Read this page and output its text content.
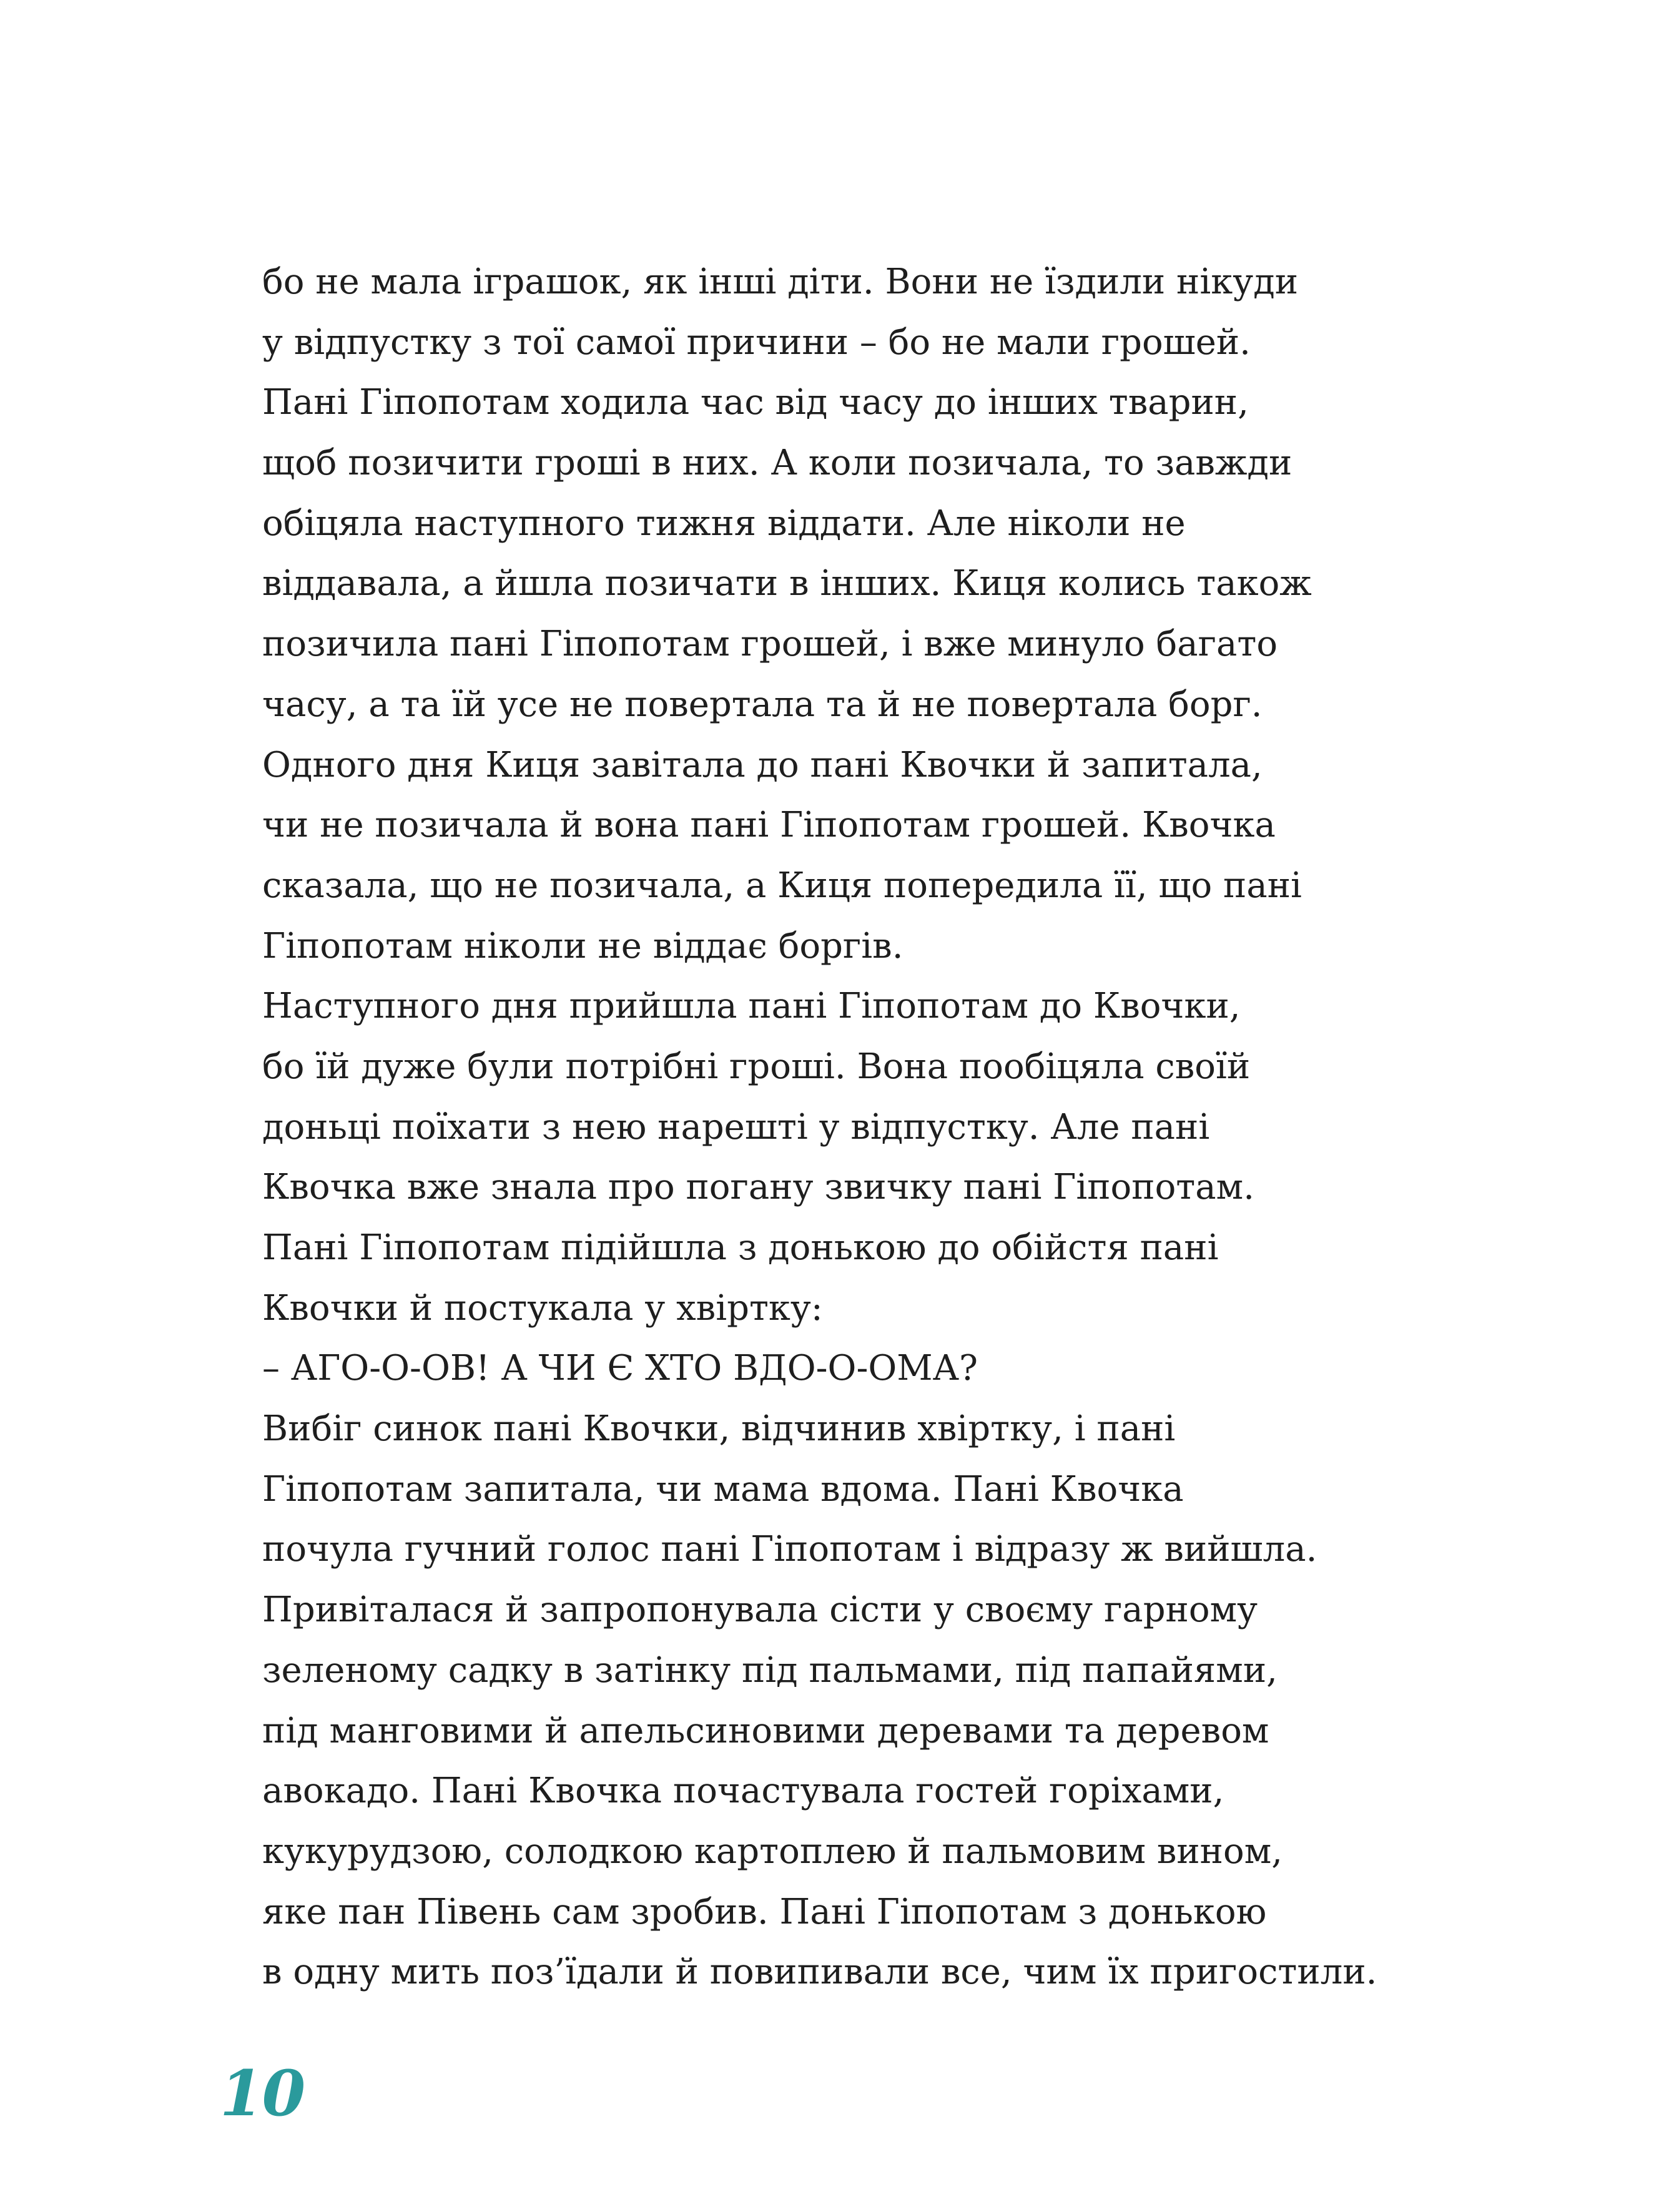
бо не мала іграшок, як інші діти. Вони не їздили нікуди
у відпустку з тої самої причини – бо не мали грошей.
Пані Гіпопотам ходила час від часу до інших тварин,
щоб позичити гроші в них. А коли позичала, то завжди
обіцяла наступного тижня віддати. Але ніколи не
віддавала, а йшла позичати в інших. Киця колись також
позичила пані Гіпопотам грошей, і вже минуло багато
часу, а та їй усе не повертала та й не повертала борг.
Одного дня Киця завітала до пані Квочки й запитала,
чи не позичала й вона пані Гіпопотам грошей. Квочка
сказала, що не позичала, а Киця попередила її, що пані
Гіпопотам ніколи не віддає боргів.
Наступного дня прийшла пані Гіпопотам до Квочки,
бо їй дуже були потрібні гроші. Вона пообіцяла своїй
доньці поїхати з нею нарешті у відпустку. Але пані
Квочка вже знала про погану звичку пані Гіпопотам.
Пані Гіпопотам підійшла з донькою до обійстя пані
Квочки й постукала у хвіртку:
– АГО-О-ОВ! А ЧИ Є ХТО ВДО-О-ОМА?
Вибіг синок пані Квочки, відчинив хвіртку, і пані
Гіпопотам запитала, чи мама вдома. Пані Квочка
почула гучний голос пані Гіпопотам і відразу ж вийшла.
Привіталася й запропонувала сісти у своєму гарному
зеленому садку в затінку під пальмами, під папайями,
під манговими й апельсиновими деревами та деревом
авокадо. Пані Квочка почастувала гостей горіхами,
кукурудзою, солодкою картоплею й пальмовим вином,
яке пан Півень сам зробив. Пані Гіпопотам з донькою
в одну мить поз’їдали й повипивали все, чим їх пригостили.
10
